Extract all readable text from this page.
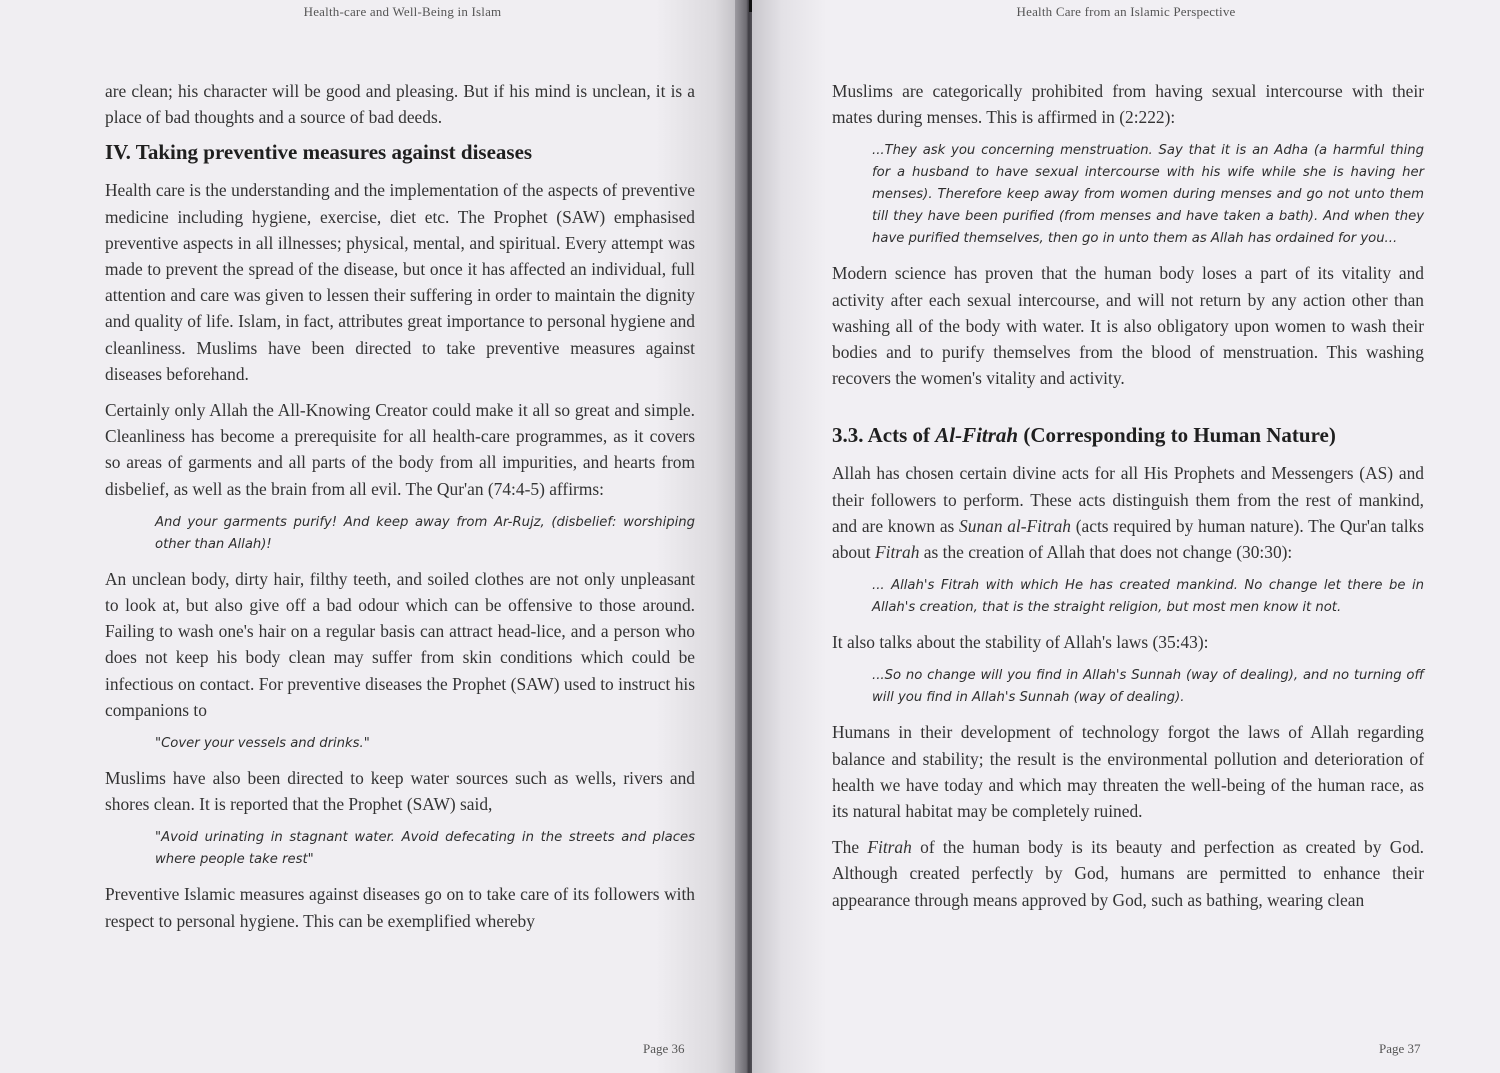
Health-care and Well-Being in Islam

are clean; his character will be good and pleasing. But if his mind is unclean, it is a place of bad thoughts and a source of bad deeds.

IV. Taking preventive measures against diseases

Health care is the understanding and the implementation of the aspects of preventive medicine including hygiene, exercise, diet etc. The Prophet (SAW) emphasised preventive aspects in all illnesses; physical, mental, and spiritual. Every attempt was made to prevent the spread of the disease, but once it has affected an individual, full attention and care was given to lessen their suffering in order to maintain the dignity and quality of life. Islam, in fact, attributes great importance to personal hygiene and cleanliness. Muslims have been directed to take preventive measures against diseases beforehand.

Certainly only Allah the All-Knowing Creator could make it all so great and simple. Cleanliness has become a prerequisite for all health-care programmes, as it covers so areas of garments and all parts of the body from all impurities, and hearts from disbelief, as well as the brain from all evil. The Qur'an (74:4-5) affirms:

And your garments purify! And keep away from Ar-Rujz, (disbelief: worshiping other than Allah)!

An unclean body, dirty hair, filthy teeth, and soiled clothes are not only unpleasant to look at, but also give off a bad odour which can be offensive to those around. Failing to wash one's hair on a regular basis can attract head-lice, and a person who does not keep his body clean may suffer from skin conditions which could be infectious on contact. For preventive diseases the Prophet (SAW) used to instruct his companions to

"Cover your vessels and drinks."

Muslims have also been directed to keep water sources such as wells, rivers and shores clean. It is reported that the Prophet (SAW) said,

"Avoid urinating in stagnant water. Avoid defecating in the streets and places where people take rest"

Preventive Islamic measures against diseases go on to take care of its followers with respect to personal hygiene. This can be exemplified whereby

Page 36
Health Care from an Islamic Perspective

Muslims are categorically prohibited from having sexual intercourse with their mates during menses. This is affirmed in (2:222):

...They ask you concerning menstruation. Say that it is an Adha (a harmful thing for a husband to have sexual intercourse with his wife while she is having her menses). Therefore keep away from women during menses and go not unto them till they have been purified (from menses and have taken a bath). And when they have purified themselves, then go in unto them as Allah has ordained for you...

Modern science has proven that the human body loses a part of its vitality and activity after each sexual intercourse, and will not return by any action other than washing all of the body with water. It is also obligatory upon women to wash their bodies and to purify themselves from the blood of menstruation. This washing recovers the women's vitality and activity.

3.3. Acts of Al-Fitrah (Corresponding to Human Nature)

Allah has chosen certain divine acts for all His Prophets and Messengers (AS) and their followers to perform. These acts distinguish them from the rest of mankind, and are known as Sunan al-Fitrah (acts required by human nature). The Qur'an talks about Fitrah as the creation of Allah that does not change (30:30):

... Allah's Fitrah with which He has created mankind. No change let there be in Allah's creation, that is the straight religion, but most men know it not.

It also talks about the stability of Allah's laws (35:43):

...So no change will you find in Allah's Sunnah (way of dealing), and no turning off will you find in Allah's Sunnah (way of dealing).

Humans in their development of technology forgot the laws of Allah regarding balance and stability; the result is the environmental pollution and deterioration of health we have today and which may threaten the well-being of the human race, as its natural habitat may be completely ruined.

The Fitrah of the human body is its beauty and perfection as created by God. Although created perfectly by God, humans are permitted to enhance their appearance through means approved by God, such as bathing, wearing clean

Page 37
